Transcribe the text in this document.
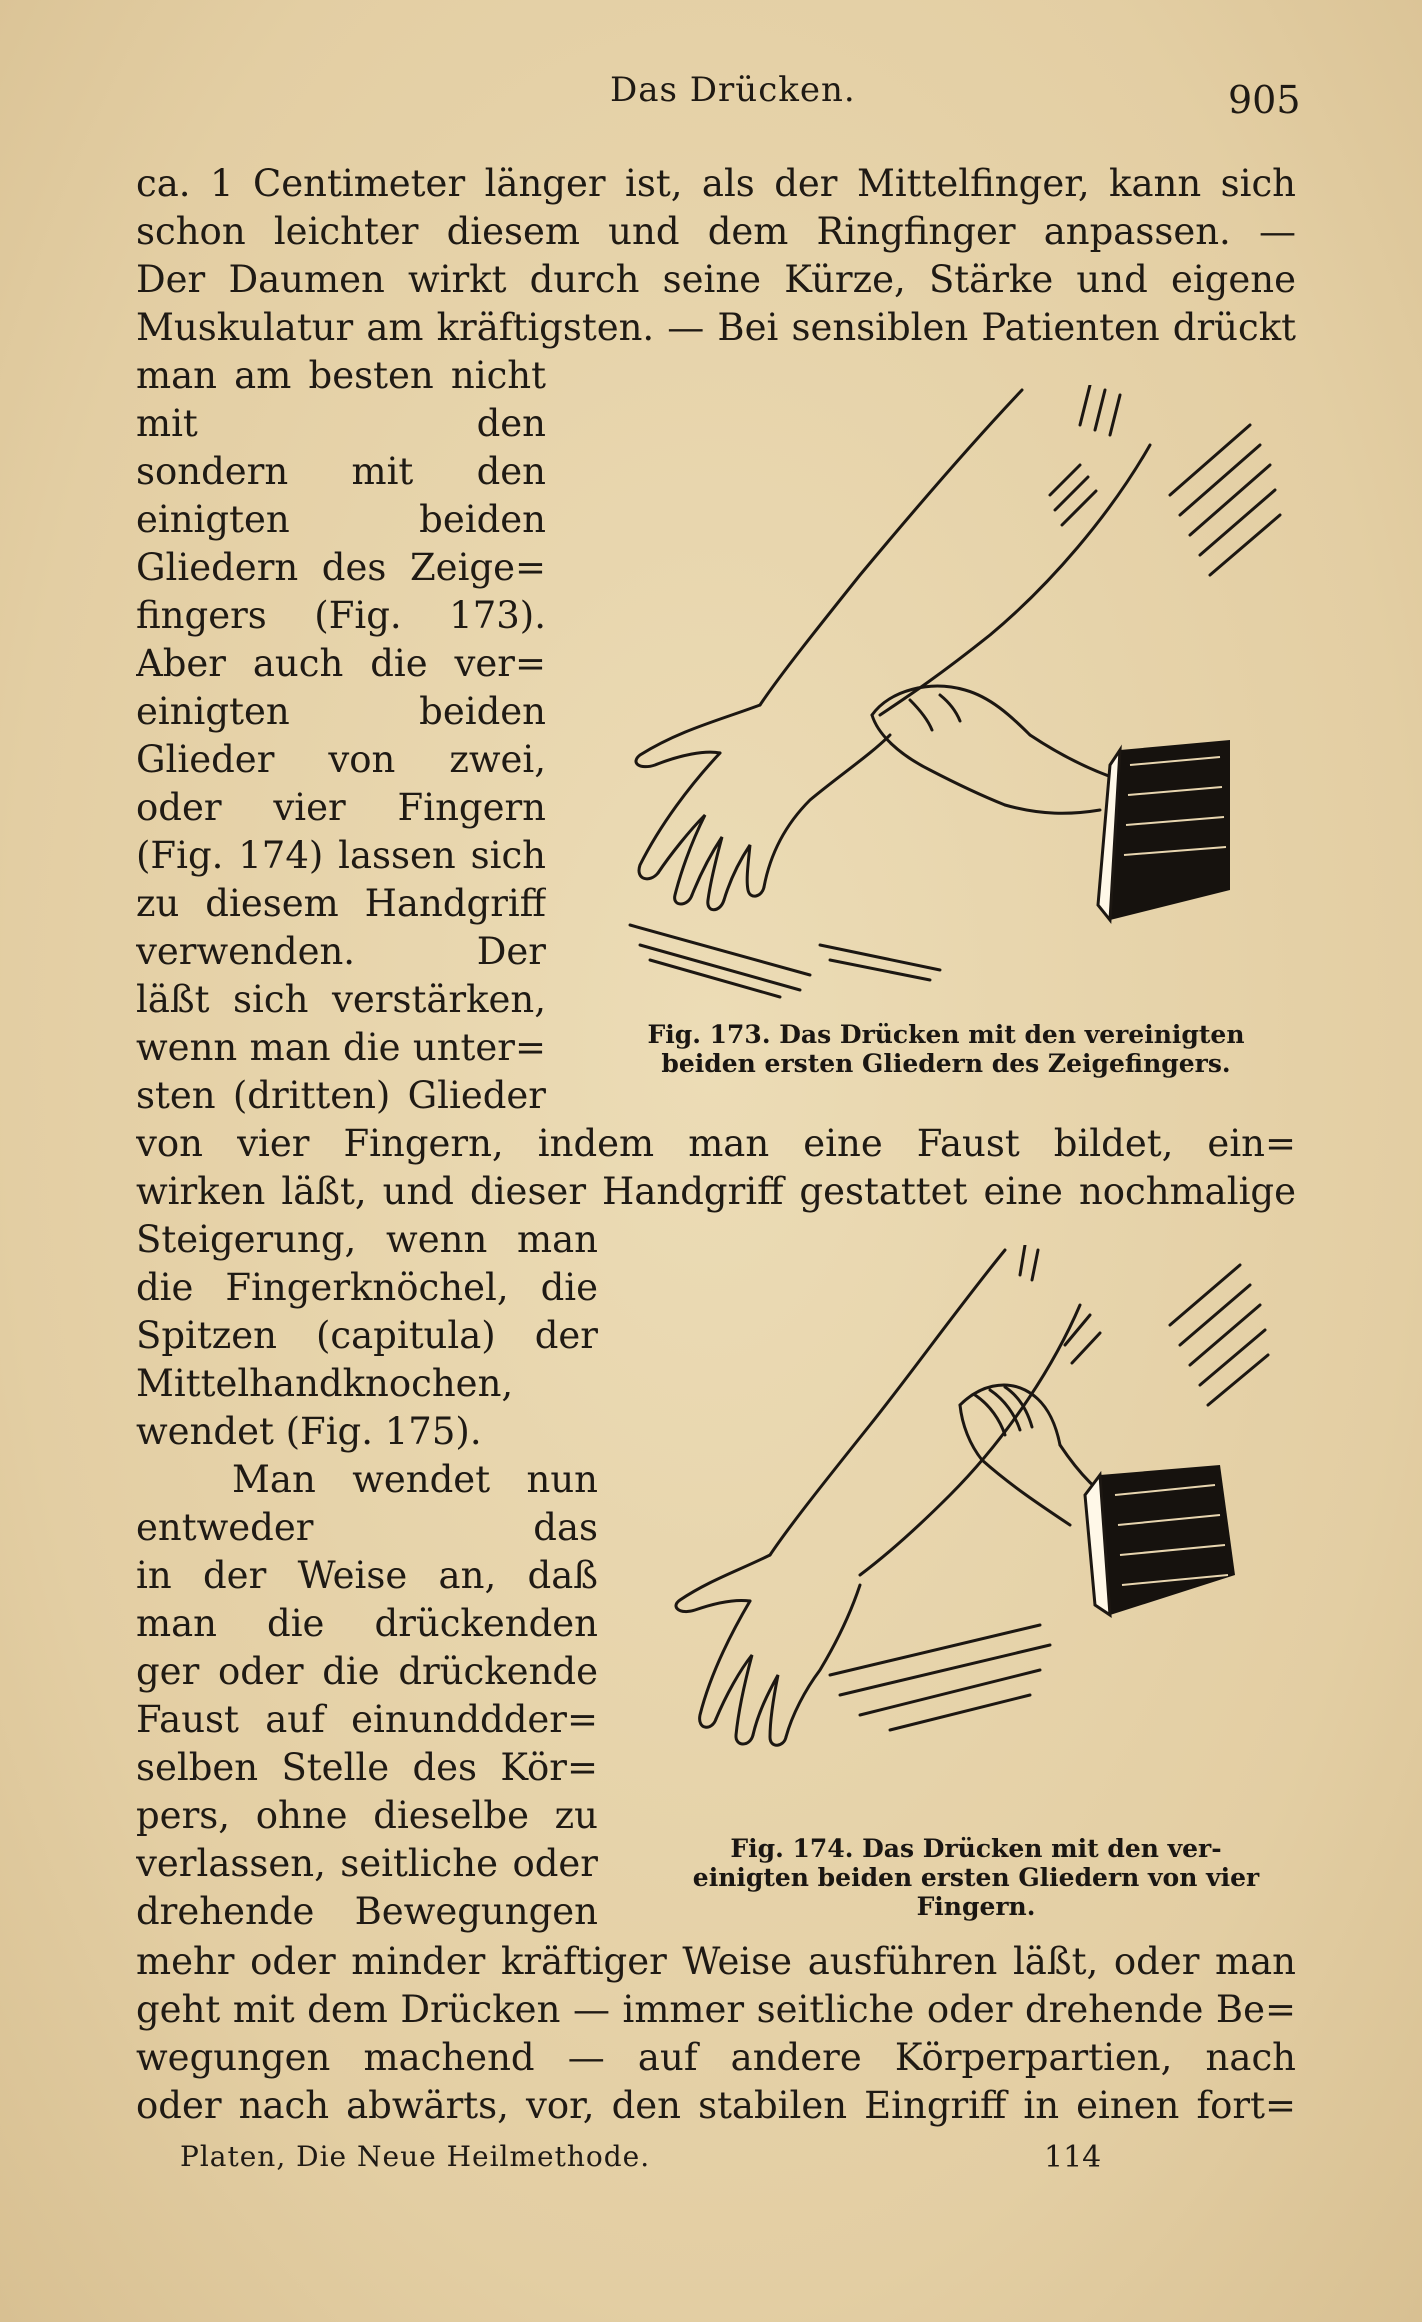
Das Drücken.	905
ca. 1 Centimeter länger ist, als der Mittelfinger, kann sich
schon leichter diesem und dem Ringfinger anpassen. —
Der Daumen wirkt durch seine Kürze, Stärke und eigene
Muskulatur am kräftigsten. — Bei sensiblen Patienten drückt
man am besten nicht
mit den
sondern mit den
einigten beiden
Gliedern des Zeige=
fingers (Fig. 173).
Aber auch die ver=
einigten beiden
Glieder von zwei,
oder vier Fingern
(Fig. 174) lassen sich
zu diesem Handgriff
verwenden. Der
läßt sich verstärken,
wenn man die unter=
sten (dritten) Glieder
Fig. 173. Das Drücken mit den vereinigten
beiden ersten Gliedern des Zeigefingers.
von vier Fingern, indem man eine Faust bildet, ein=
wirken läßt, und dieser Handgriff gestattet eine nochmalige
Steigerung, wenn man
die Fingerknöchel, die
Spitzen (capitula) der
Mittelhandknochen,
wendet (Fig. 175).
Man wendet nun
entweder das
in der Weise an, daß
man die drückenden
ger oder die drückende
Faust auf einunddder=
selben Stelle des Kör=
pers, ohne dieselbe zu
verlassen, seitliche oder
drehende Bewegungen
Fig. 174. Das Drücken mit den ver-
einigten beiden ersten Gliedern von vier
Fingern.
mehr oder minder kräftiger Weise ausführen läßt, oder man
geht mit dem Drücken — immer seitliche oder drehende Be=
wegungen machend — auf andere Körperpartien, nach
oder nach abwärts, vor, den stabilen Eingriff in einen fort=
Platen, Die Neue Heilmethode.	114
